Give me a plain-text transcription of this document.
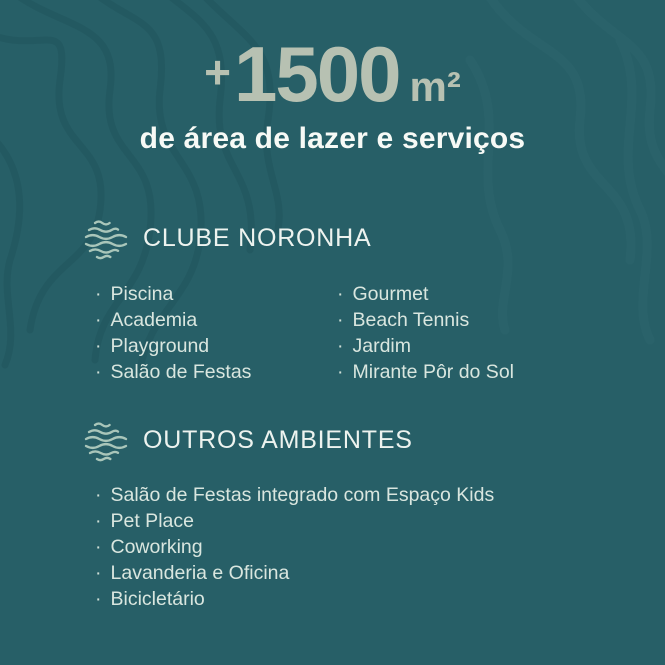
+ 1500 m²
de área de lazer e serviços
CLUBE NORONHA
· Piscina
· Academia
· Playground
· Salão de Festas
· Gourmet
· Beach Tennis
· Jardim
· Mirante Pôr do Sol
OUTROS AMBIENTES
· Salão de Festas integrado com Espaço Kids
· Pet Place
· Coworking
· Lavanderia e Oficina
· Bicicletário
